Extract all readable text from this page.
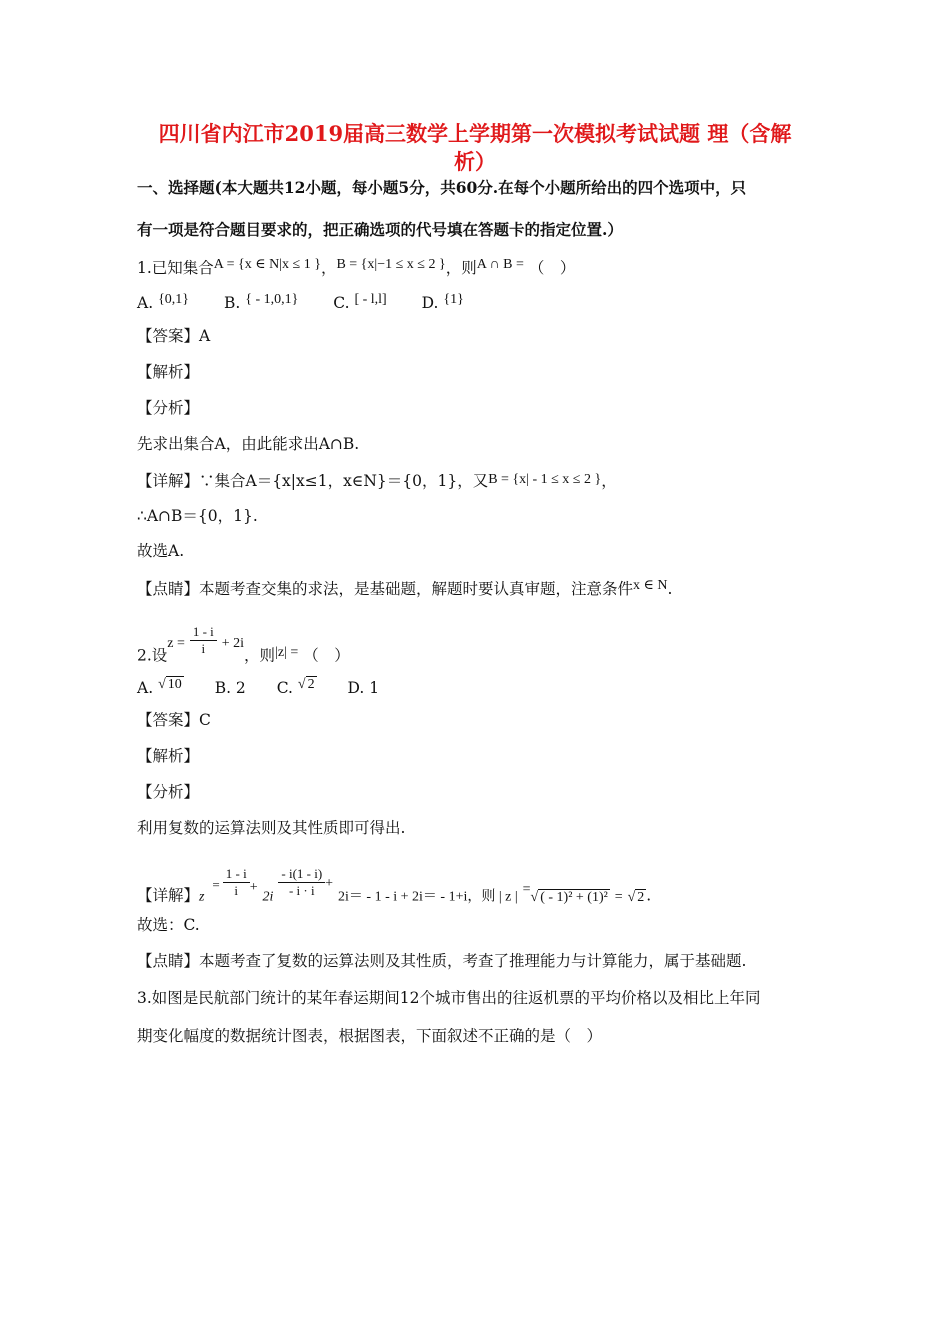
四川省内江市2019届高三数学上学期第一次模拟考试试题 理（含解
析）
一、选择题(本大题共12小题，每小题5分，共60分.在每个小题所给出的四个选项中，只
有一项是符合题目要求的，把正确选项的代号填在答题卡的指定位置.）
1.已知集合A = {x ∈ N|x ≤ 1 }，B = {x|−1 ≤ x ≤ 2 }，则A ∩ B = （　）
A. {0,1} B. { - 1,0,1} C. [ - l,l] D. {1}
【答案】A
【解析】
【分析】
先求出集合A，由此能求出A∩B.
【详解】∵集合A＝{x|x≤1，x∈N}＝{0，1}，又B = {x| - 1 ≤ x ≤ 2 }，
∴A∩B＝{0，1}.
故选A.
【点睛】本题考查交集的求法，是基础题，解题时要认真审题，注意条件x ∈ N.
2.设$z = \frac{1 - i}{i} + 2i$，则|z| = （　）
A. √ 10 B. 2 C. √ 2 D. 1
【答案】C
【解析】
【分析】
利用复数的运算法则及其性质即可得出.
【详解】z
= $\frac{1 - i}{i} + 2i \frac{- i(1 - i)}{- i \cdot i} + 2i= - 1 - i + 2i= - 1+i$，则 | z | =√ ( - 1)² + (1)² = √ 2 .
故选：C.
【点睛】本题考查了复数的运算法则及其性质，考查了推理能力与计算能力，属于基础题.
3.如图是民航部门统计的某年春运期间12个城市售出的往返机票的平均价格以及相比上年同
期变化幅度的数据统计图表，根据图表，下面叙述不正确的是（　）
